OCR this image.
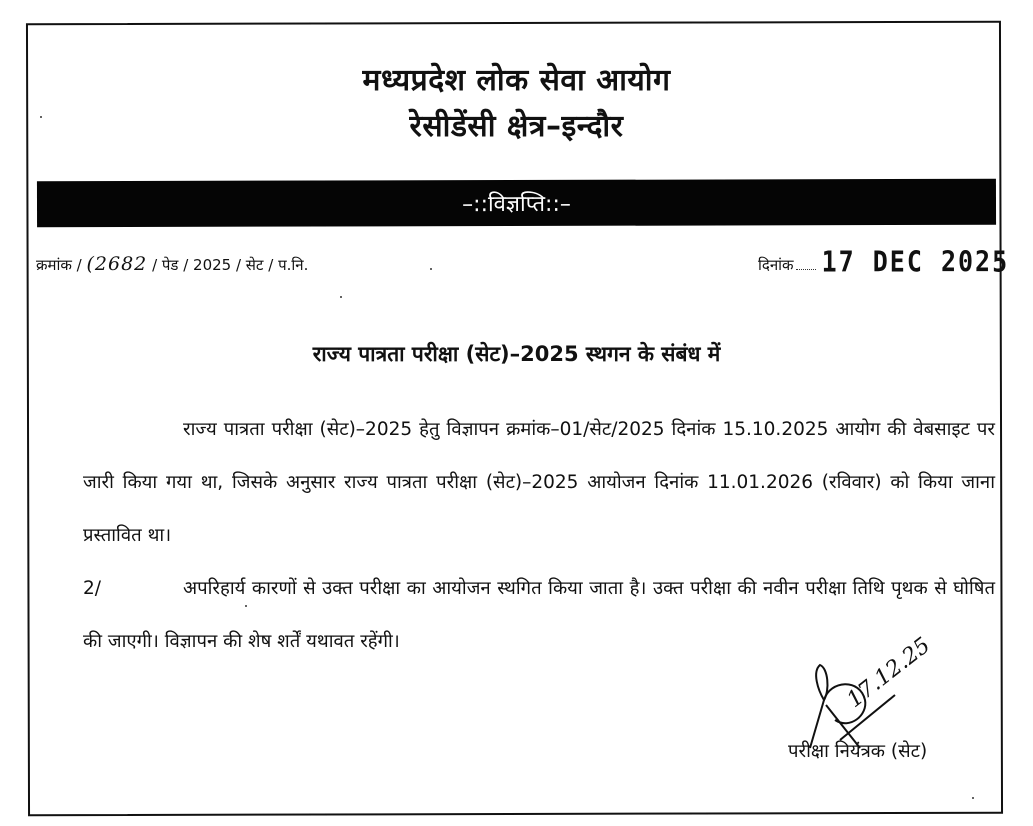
मध्यप्रदेश लोक सेवा आयोग
रेसीडेंसी क्षेत्र–इन्दौर
–::विज्ञप्ति::–
क्रमांक / (2682 / पेड / 2025 / सेट / प.नि.	दिनांक 17 DEC 2025
राज्य पात्रता परीक्षा (सेट)–2025 स्थगन के संबंध में
राज्य पात्रता परीक्षा (सेट)–2025 हेतु विज्ञापन क्रमांक–01/सेट/2025 दिनांक 15.10.2025 आयोग की वेबसाइट पर जारी किया गया था, जिसके अनुसार राज्य पात्रता परीक्षा (सेट)–2025 आयोजन दिनांक 11.01.2026 (रविवार) को किया जाना प्रस्तावित था।
2/	अपरिहार्य कारणों से उक्त परीक्षा का आयोजन स्थगित किया जाता है। उक्त परीक्षा की नवीन परीक्षा तिथि पृथक से घोषित की जाएगी। विज्ञापन की शेष शर्तें यथावत रहेंगी।	17.12.25
परीक्षा नियंत्रक (सेट)
